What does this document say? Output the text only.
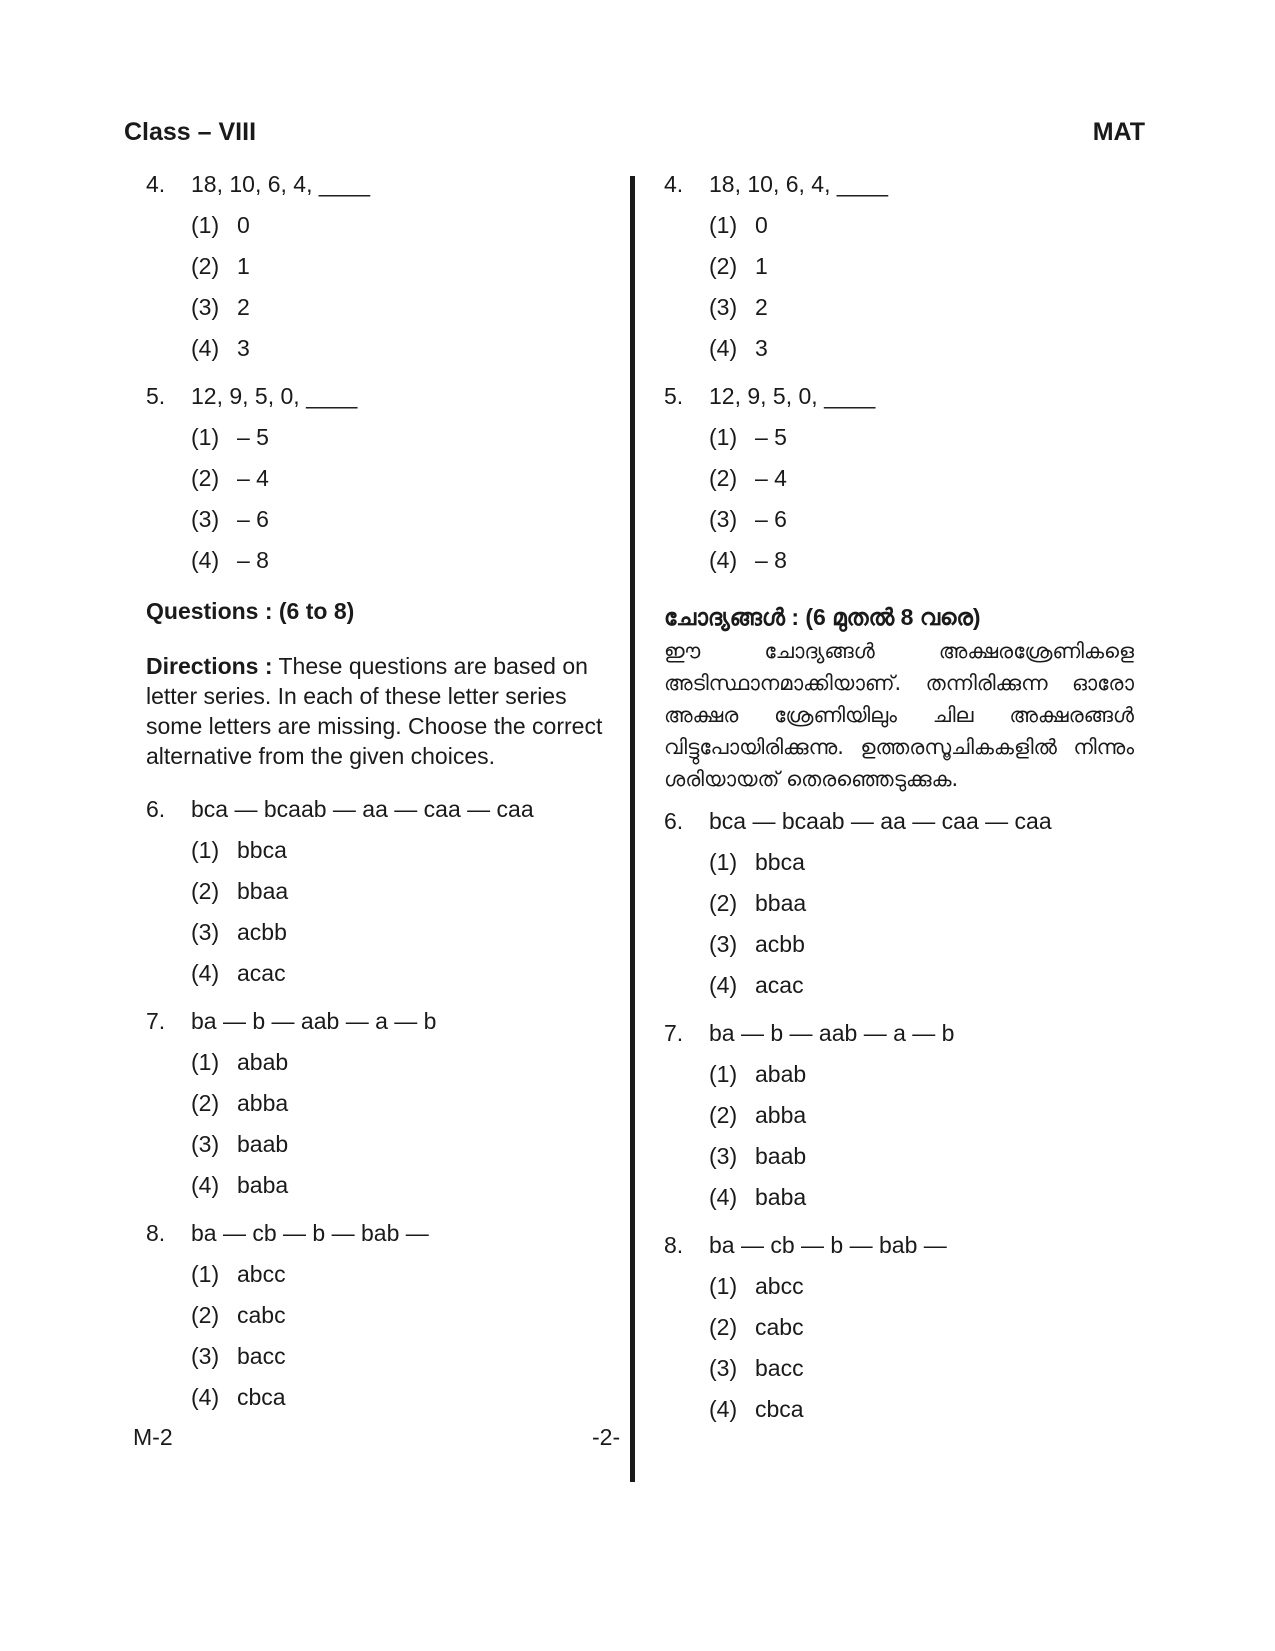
Class – VIII	MAT
4.	18, 10, 6, 4, ____
(1) 0
(2) 1
(3) 2
(4) 3
5.	12, 9, 5, 0, ____
(1) – 5
(2) – 4
(3) – 6
(4) – 8
Questions : (6 to 8)
Directions : These questions are based on letter series. In each of these letter series some letters are missing. Choose the correct alternative from the given choices.
6.	bca — bcaab — aa — caa — caa
(1) bbca
(2) bbaa
(3) acbb
(4) acac
7.	ba — b — aab — a — b
(1) abab
(2) abba
(3) baab
(4) baba
8.	ba — cb — b — bab —
(1) abcc
(2) cabc
(3) bacc
(4) cbca
4.	18, 10, 6, 4, ____
(1) 0
(2) 1
(3) 2
(4) 3
5.	12, 9, 5, 0, ____
(1) – 5
(2) – 4
(3) – 6
(4) – 8
ചോദ്യങ്ങൾ : (6 മുതൽ 8 വരെ)
ഈ ചോദ്യങ്ങൾ അക്ഷരശ്രേണികളെ അടിസ്ഥാനമാക്കിയാണ്. തന്നിരിക്കുന്ന ഓരോ അക്ഷര ശ്രേണിയിലും ചില അക്ഷരങ്ങൾ വിട്ടുപോയിരിക്കുന്നു. ഉത്തരസൂചികകളിൽ നിന്നും ശരിയായത് തെരഞ്ഞെടുക്കുക.
6.	bca — bcaab — aa — caa — caa
(1) bbca
(2) bbaa
(3) acbb
(4) acac
7.	ba — b — aab — a — b
(1) abab
(2) abba
(3) baab
(4) baba
8.	ba — cb — b — bab —
(1) abcc
(2) cabc
(3) bacc
(4) cbca
M-2	-2-
